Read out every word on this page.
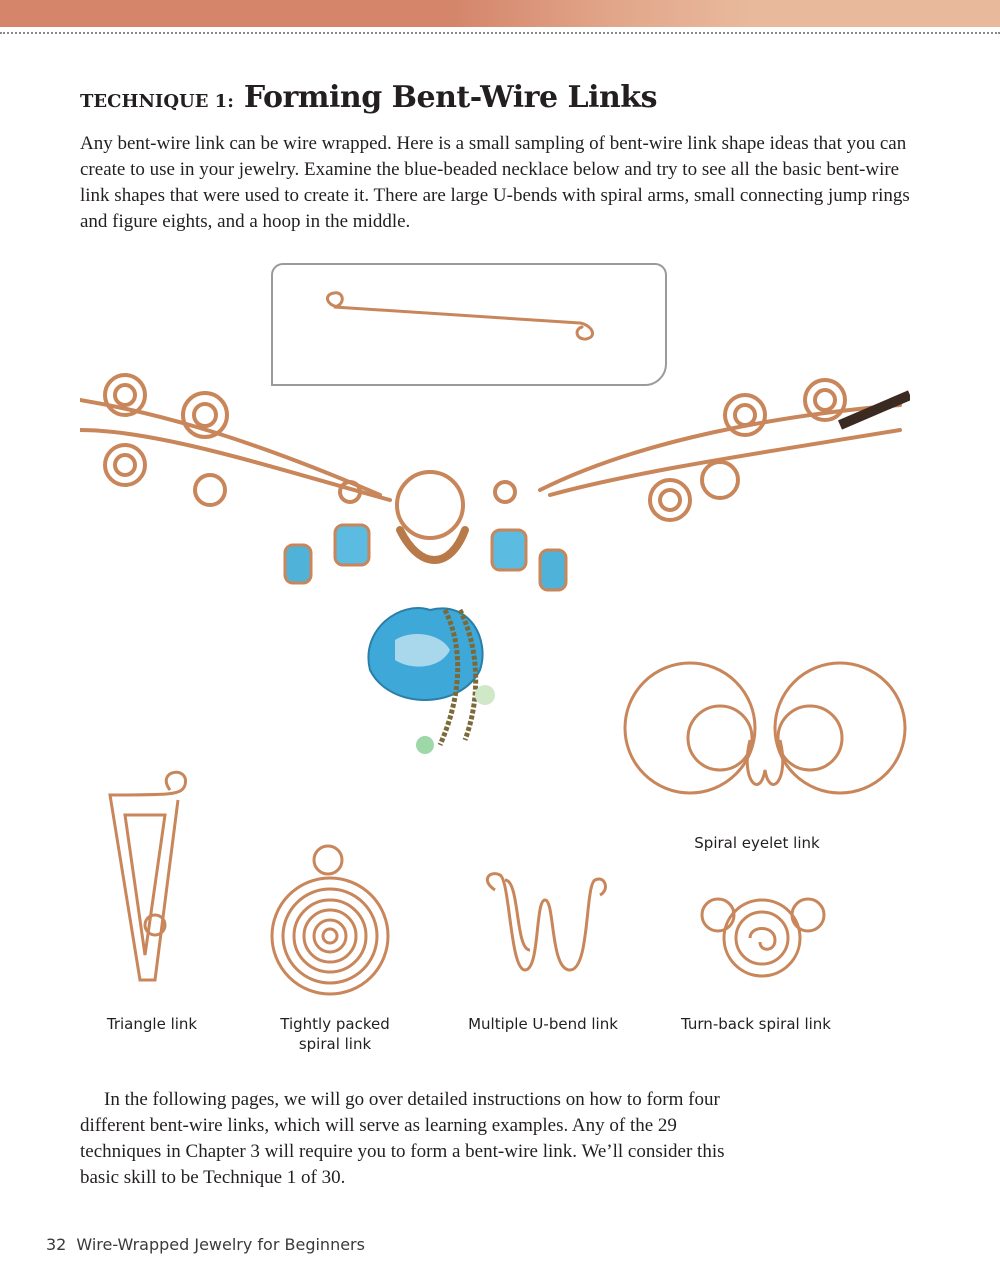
TECHNIQUE 1: Forming Bent-Wire Links
Any bent-wire link can be wire wrapped. Here is a small sampling of bent-wire link shape ideas that you can create to use in your jewelry. Examine the blue-beaded necklace below and try to see all the basic bent-wire link shapes that were used to create it. There are large U-bends with spiral arms, small connecting jump rings and figure eights, and a hoop in the middle.
Spiral eyelet link
Triangle link	Tightly packed
spiral link
Multiple U-bend link	Turn-back spiral link
In the following pages, we will go over detailed instructions on how to form four different bent-wire links, which will serve as learning examples. Any of the 29 techniques in Chapter 3 will require you to form a bent-wire link. We’ll consider this basic skill to be Technique 1 of 30.
32 Wire-Wrapped Jewelry for Beginners
